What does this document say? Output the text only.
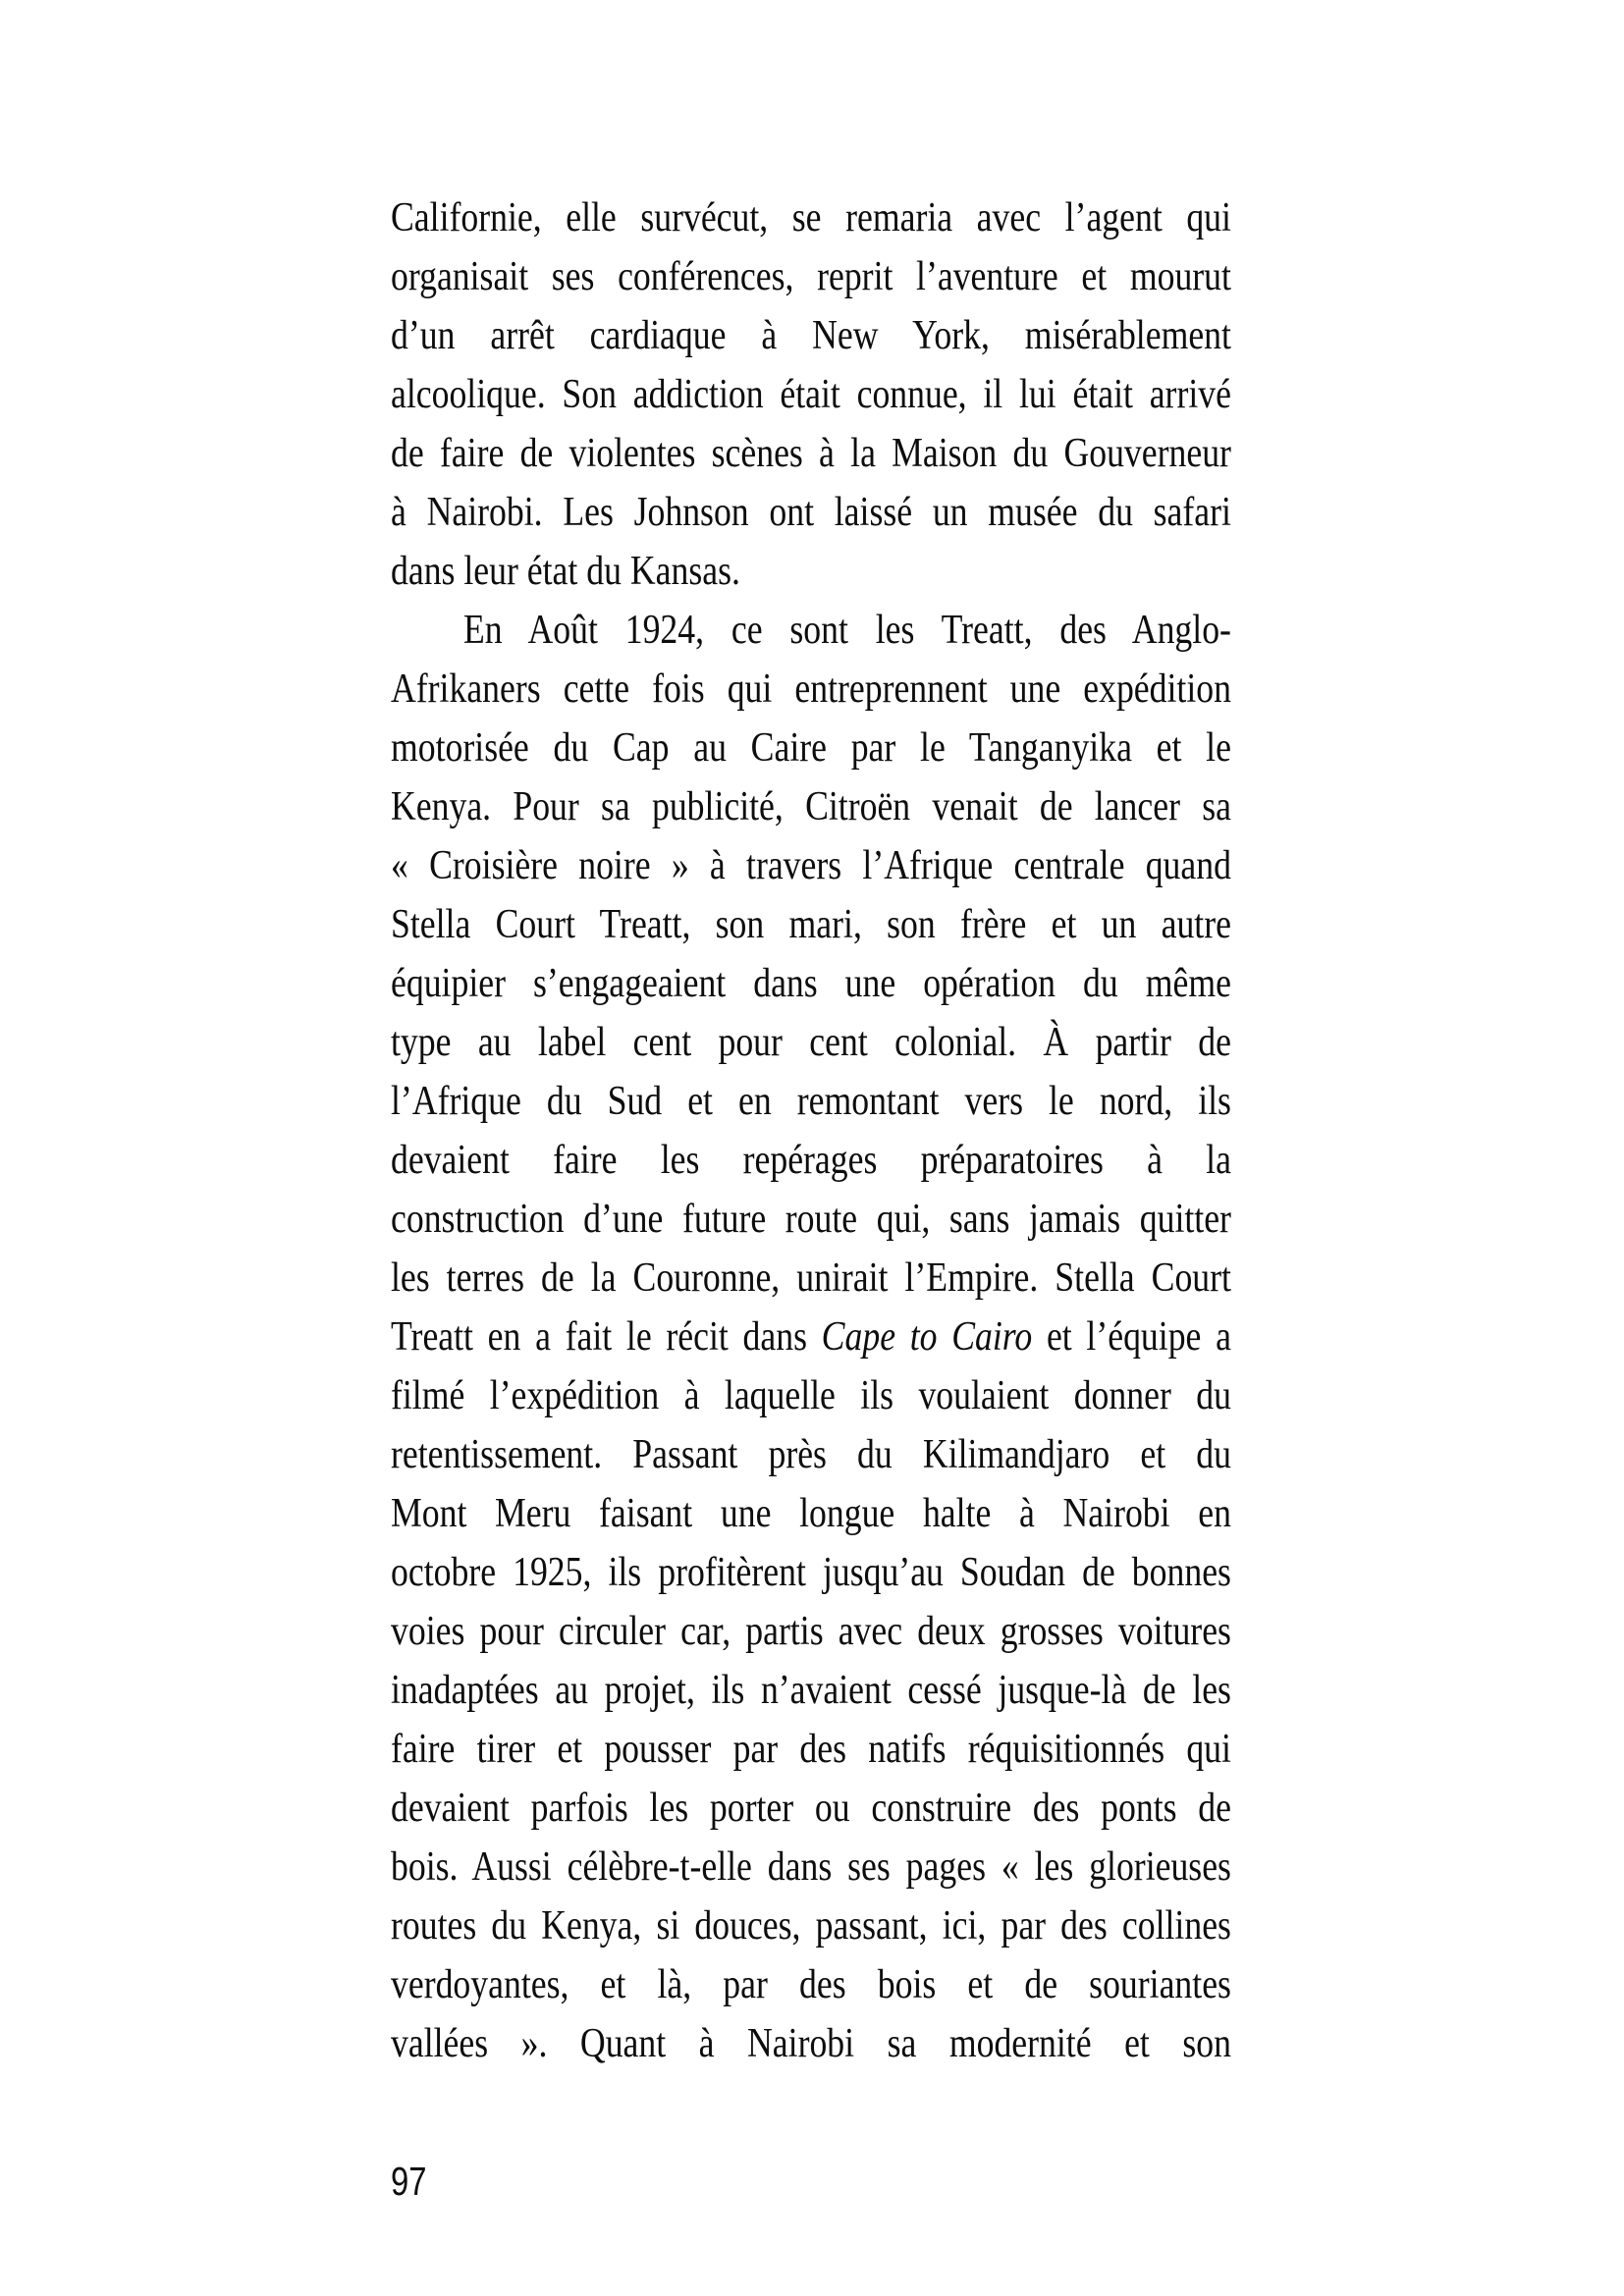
Californie, elle survécut, se remaria avec l’agent qui
organisait ses conférences, reprit l’aventure et mourut
d’un arrêt cardiaque à New York, misérablement
alcoolique. Son addiction était connue, il lui était arrivé
de faire de violentes scènes à la Maison du Gouverneur
à Nairobi. Les Johnson ont laissé un musée du safari
dans leur état du Kansas.
En Août 1924, ce sont les Treatt, des Anglo-
Afrikaners cette fois qui entreprennent une expédition
motorisée du Cap au Caire par le Tanganyika et le
Kenya. Pour sa publicité, Citroën venait de lancer sa
« Croisière noire » à travers l’Afrique centrale quand
Stella Court Treatt, son mari, son frère et un autre
équipier s’engageaient dans une opération du même
type au label cent pour cent colonial. À partir de
l’Afrique du Sud et en remontant vers le nord, ils
devaient faire les repérages préparatoires à la
construction d’une future route qui, sans jamais quitter
les terres de la Couronne, unirait l’Empire. Stella Court
Treatt en a fait le récit dans Cape to Cairo et l’équipe a
filmé l’expédition à laquelle ils voulaient donner du
retentissement. Passant près du Kilimandjaro et du
Mont Meru faisant une longue halte à Nairobi en
octobre 1925, ils profitèrent jusqu’au Soudan de bonnes
voies pour circuler car, partis avec deux grosses voitures
inadaptées au projet, ils n’avaient cessé jusque-là de les
faire tirer et pousser par des natifs réquisitionnés qui
devaient parfois les porter ou construire des ponts de
bois. Aussi célèbre-t-elle dans ses pages « les glorieuses
routes du Kenya, si douces, passant, ici, par des collines
verdoyantes, et là, par des bois et de souriantes
vallées ». Quant à Nairobi sa modernité et son
97
